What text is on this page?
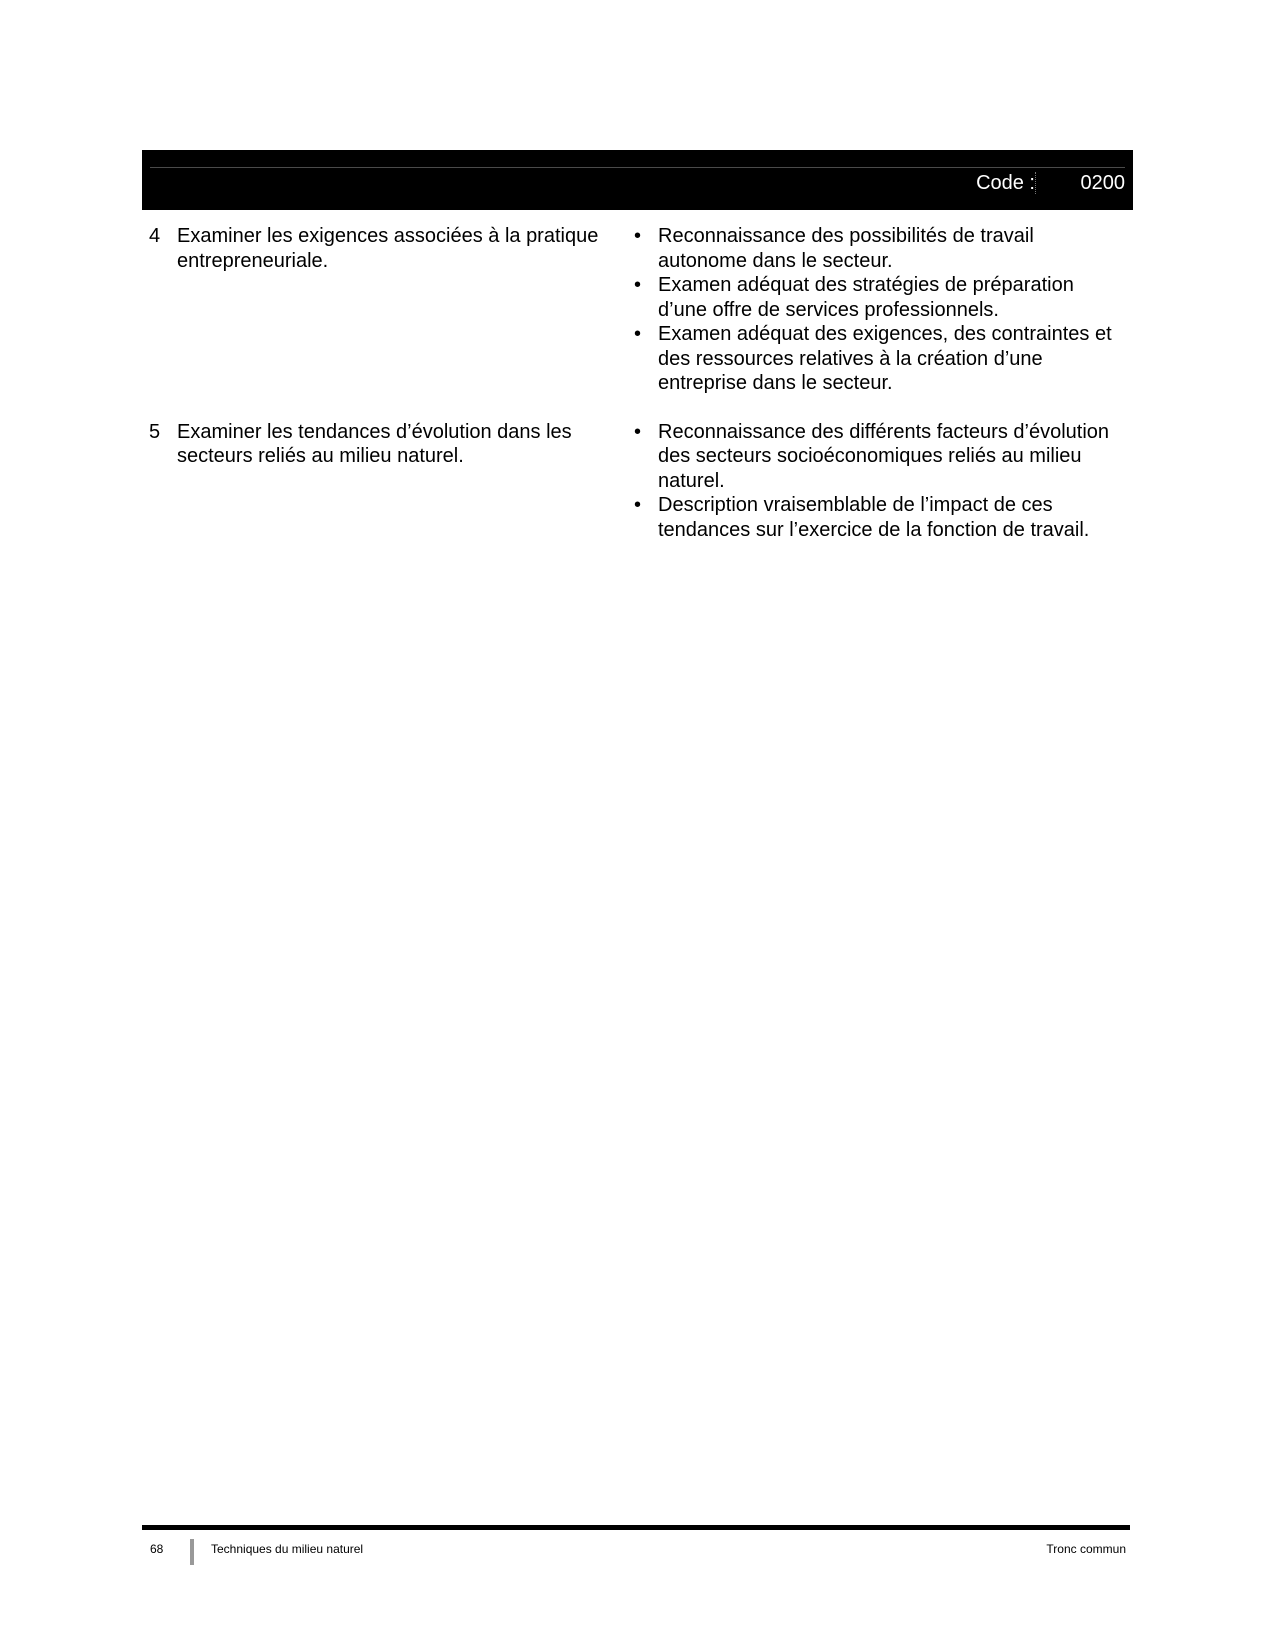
Code : 0200
4 Examiner les exigences associées à la pratique entrepreneuriale.
• Reconnaissance des possibilités de travail autonome dans le secteur.
• Examen adéquat des stratégies de préparation d’une offre de services professionnels.
• Examen adéquat des exigences, des contraintes et des ressources relatives à la création d’une entreprise dans le secteur.
5 Examiner les tendances d’évolution dans les secteurs reliés au milieu naturel.
• Reconnaissance des différents facteurs d’évolution des secteurs socioéconomiques reliés au milieu naturel.
• Description vraisemblable de l’impact de ces tendances sur l’exercice de la fonction de travail.
68	Techniques du milieu naturel	Tronc commun
